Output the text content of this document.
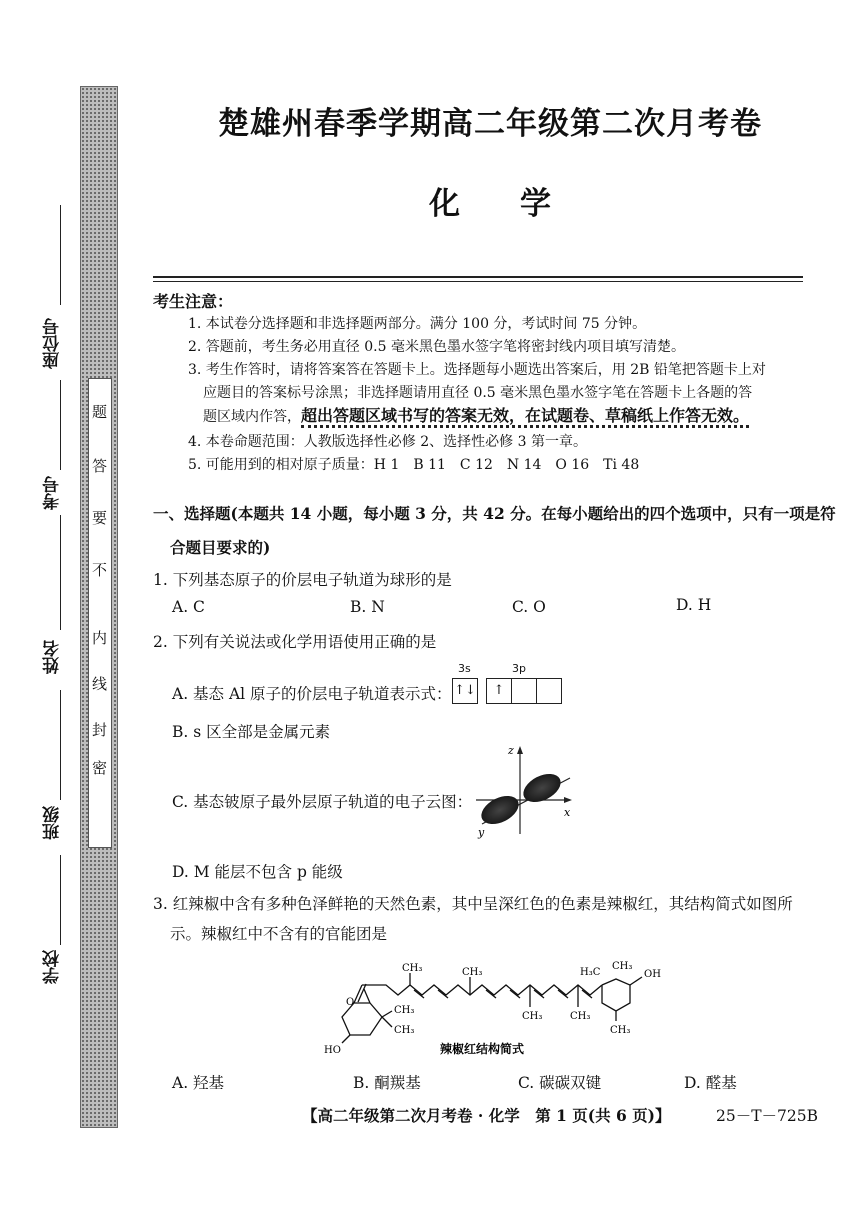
密
封
线
内
不
要
答
题
座位号
考号
姓名
班级
学校
楚雄州春季学期高二年级第二次月考卷
化学
考生注意：
1. 本试卷分选择题和非选择题两部分。满分 100 分，考试时间 75 分钟。
2. 答题前，考生务必用直径 0.5 毫米黑色墨水签字笔将密封线内项目填写清楚。
3. 考生作答时，请将答案答在答题卡上。选择题每小题选出答案后，用 2B 铅笔把答题卡上对
应题目的答案标号涂黑；非选择题请用直径 0.5 毫米黑色墨水签字笔在答题卡上各题的答
题区域内作答，超出答题区域书写的答案无效，在试题卷、草稿纸上作答无效。
4. 本卷命题范围：人教版选择性必修 2、选择性必修 3 第一章。
5. 可能用到的相对原子质量：H 1　B 11　C 12　N 14　O 16　Ti 48
一、选择题(本题共 14 小题，每小题 3 分，共 42 分。在每小题给出的四个选项中，只有一项是符
合题目要求的)
1. 下列基态原子的价层电子轨道为球形的是
A. C	B. N	C. O	D. H
2. 下列有关说法或化学用语使用正确的是
3s	3p
A. 基态 Al 原子的价层电子轨道表示式： ↑↓	↑
B. s 区全部是金属元素
C. 基态铍原子最外层原子轨道的电子云图：
z
x
y
D. M 能层不包含 p 能级
3. 红辣椒中含有多种色泽鲜艳的天然色素，其中呈深红色的色素是辣椒红，其结构简式如图所
示。辣椒红中不含有的官能团是
O
CH₃	CH₃
CH₃	CH₃
H₃C
CH₃
OH
CH₃
CH₃
CH₃
HO	辣椒红结构简式
A. 羟基	B. 酮羰基	C. 碳碳双键	D. 醛基
【高二年级第二次月考卷 · 化学　第 1 页(共 6 页)】	25－T－725B
